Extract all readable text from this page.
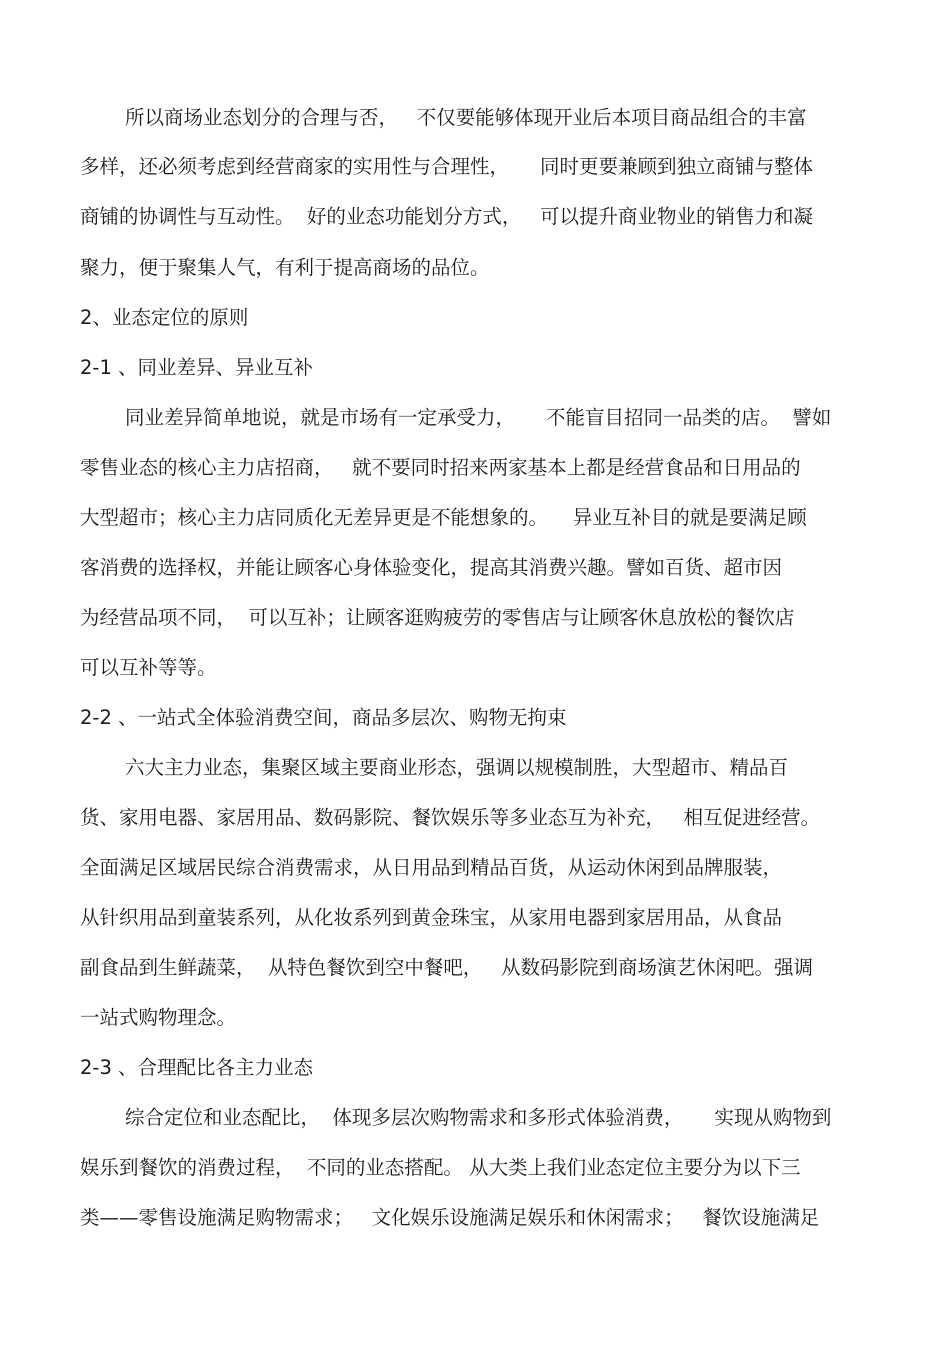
所以商场业态划分的合理与否，   不仅要能够体现开业后本项目商品组合的丰富
多样，还必须考虑到经营商家的实用性与合理性，     同时更要兼顾到独立商铺与整体
商铺的协调性与互动性。  好的业态功能划分方式，   可以提升商业物业的销售力和凝
聚力，便于聚集人气，有利于提高商场的品位。
2、业态定位的原则
2-1 、同业差异、异业互补
同业差异简单地说，就是市场有一定承受力，     不能盲目招同一品类的店。  譬如
零售业态的核心主力店招商，   就不要同时招来两家基本上都是经营食品和日用品的
大型超市；核心主力店同质化无差异更是不能想象的。    异业互补目的就是要满足顾
客消费的选择权，并能让顾客心身体验变化，提高其消费兴趣。譬如百货、超市因
为经营品项不同，  可以互补；让顾客逛购疲劳的零售店与让顾客休息放松的餐饮店
可以互补等等。
2-2 、一站式全体验消费空间，商品多层次、购物无拘束
六大主力业态，集聚区域主要商业形态，强调以规模制胜，大型超市、精品百
货、家用电器、家居用品、数码影院、餐饮娱乐等多业态互为补充，   相互促进经营。
全面满足区域居民综合消费需求，从日用品到精品百货，从运动休闲到品牌服装，
从针织用品到童装系列，从化妆系列到黄金珠宝，从家用电器到家居用品，从食品
副食品到生鲜蔬菜，  从特色餐饮到空中餐吧，   从数码影院到商场演艺休闲吧。强调
一站式购物理念。
2-3 、合理配比各主力业态
综合定位和业态配比，  体现多层次购物需求和多形式体验消费，     实现从购物到
娱乐到餐饮的消费过程，  不同的业态搭配。 从大类上我们业态定位主要分为以下三
类——零售设施满足购物需求；   文化娱乐设施满足娱乐和休闲需求；   餐饮设施满足
